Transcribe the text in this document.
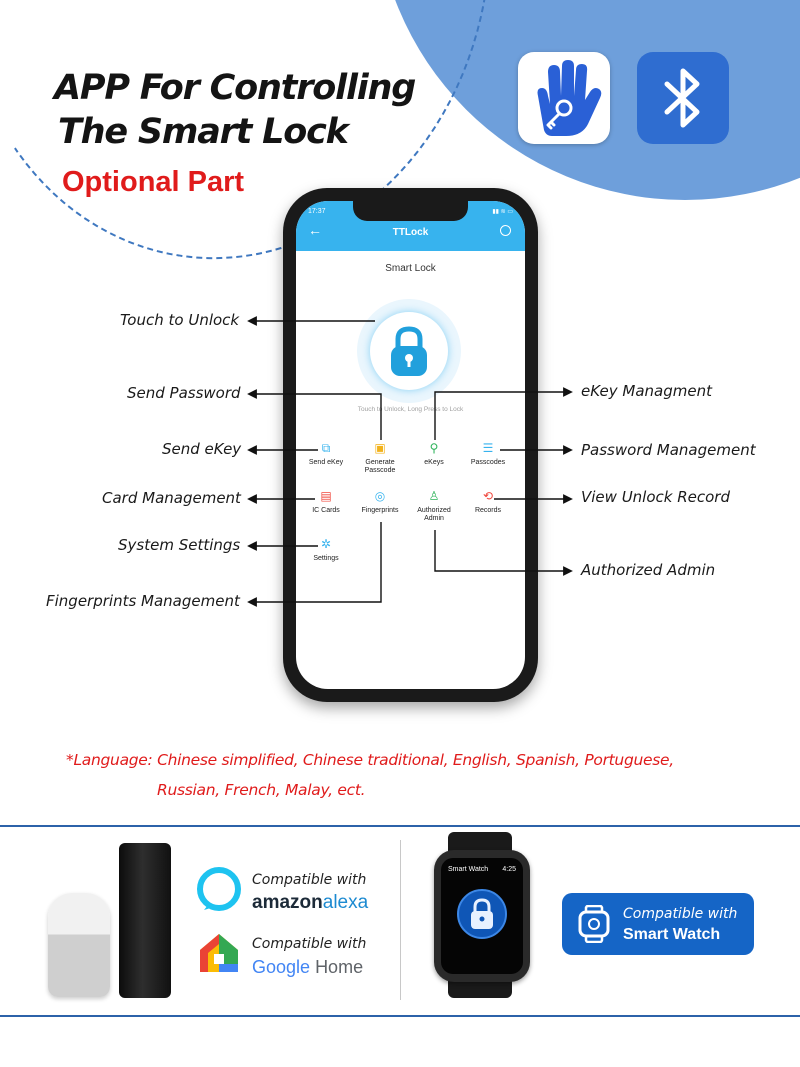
APP For Controlling
The Smart Lock
Optional Part
17:37	▮▮ ≋ ▭
←	TTLock
Smart Lock
Touch to Unlock, Long Press to Lock
⧉
Send eKey
▣
Generate Passcode
⚲
eKeys
☰
Passcodes
▤
IC Cards
◎
Fingerprints
♙
Authorized Admin
⟲
Records
✲
Settings
Touch to Unlock
Send Password
Send eKey
Card Management
System Settings
Fingerprints Management
eKey Managment
Password Management
View Unlock Record
Authorized Admin
*Language: Chinese simplified, Chinese traditional, English, Spanish, Portuguese,
Russian, French, Malay, ect.
Compatible with
amazonalexa
Compatible with
Google Home
Smart Watch 4:25
Compatible with
Smart Watch
